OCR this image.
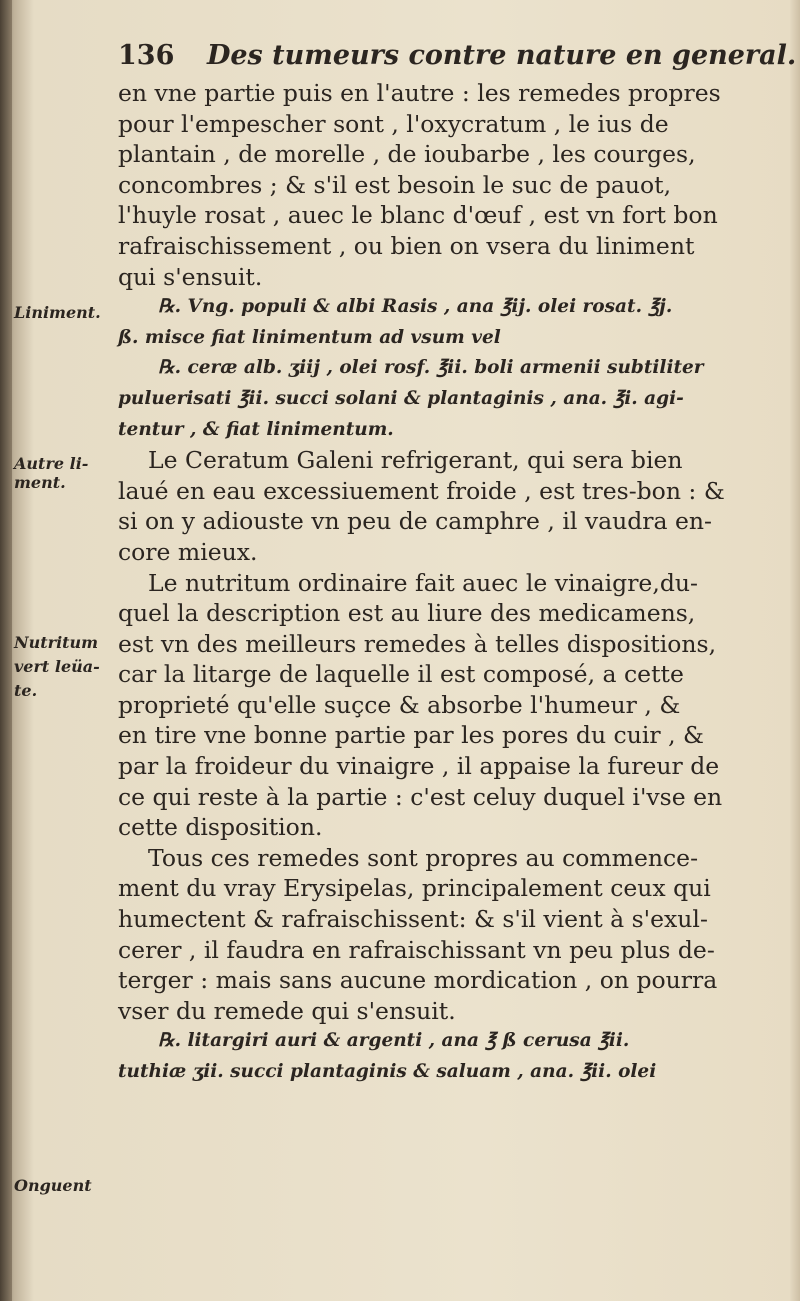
136 Des tumeurs contre nature en general.
Liniment.
Autre li-
ment.
Nutritum
vert leüa-
te.
Onguent
en vne partie puis en l'autre : les remedes propres
pour l'empescher sont , l'oxycratum , le ius de
plantain , de morelle , de ioubarbe , les courges,
concombres ; & s'il est besoin le suc de pauot,
l'huyle rosat , auec le blanc d'œuf , est vn fort bon
rafraischissement , ou bien on vsera du liniment
qui s'ensuit.
℞. Vng. populi & albi Rasis , ana ℥ij. olei rosat. ℥j.
ß. misce fiat linimentum ad vsum vel
℞. ceræ alb. ʒiij , olei rosf. ℥ii. boli armenii subtiliter
puluerisati ℥ii. succi solani & plantaginis , ana. ℥i. agi-
tentur , & fiat linimentum.
Le Ceratum Galeni refrigerant, qui sera bien
laué en eau excessiuement froide , est tres-bon : &
si on y adiouste vn peu de camphre , il vaudra en-
core mieux.
Le nutritum ordinaire fait auec le vinaigre,du-
quel la description est au liure des medicamens,
est vn des meilleurs remedes à telles dispositions,
car la litarge de laquelle il est composé, a cette
proprieté qu'elle suçce & absorbe l'humeur , &
en tire vne bonne partie par les pores du cuir , &
par la froideur du vinaigre , il appaise la fureur de
ce qui reste à la partie : c'est celuy duquel i'vse en
cette disposition.
Tous ces remedes sont propres au commence-
ment du vray Erysipelas, principalement ceux qui
humectent & rafraischissent: & s'il vient à s'exul-
cerer , il faudra en rafraischissant vn peu plus de-
terger : mais sans aucune mordication , on pourra
vser du remede qui s'ensuit.
℞. litargiri auri & argenti , ana ℥ ß cerusa ℥ii.
tuthiæ ʒii. succi plantaginis & saluam , ana. ℥ii. olei
